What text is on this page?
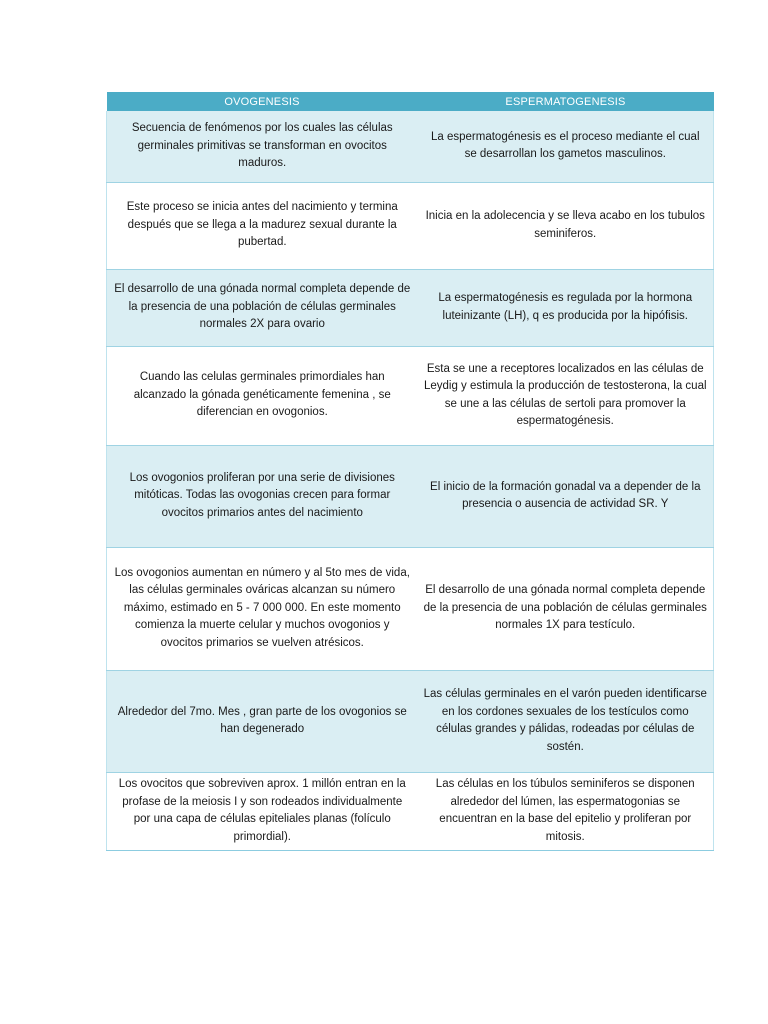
OVOGENESIS	ESPERMATOGENESIS
Secuencia de fenómenos por los cuales las células germinales primitivas se transforman en ovocitos maduros.	La espermatogénesis es el proceso mediante el cual se desarrollan los gametos masculinos.
Este proceso se inicia antes del nacimiento y termina después que se llega a la madurez sexual durante la pubertad.	Inicia en la adolecencia y se lleva acabo en los tubulos seminiferos.
El desarrollo de una gónada normal completa depende de la presencia de una población de células germinales normales 2X para ovario	La espermatogénesis es regulada por la hormona luteinizante (LH), q es producida por la hipófisis.
Cuando las celulas germinales primordiales han alcanzado la gónada genéticamente femenina , se diferencian en ovogonios.	Esta se une a receptores localizados en las células de Leydig y estimula la producción de testosterona, la cual se une a las células de sertoli para promover la espermatogénesis.
Los ovogonios proliferan por una serie de divisiones mitóticas. Todas las ovogonias crecen para formar ovocitos primarios antes del nacimiento	El inicio de la formación gonadal va a depender de la presencia o ausencia de actividad SR. Y
Los ovogonios aumentan en número y al 5to mes de vida, las células germinales ováricas alcanzan su número máximo, estimado en 5 - 7 000 000. En este momento comienza la muerte celular y muchos ovogonios y ovocitos primarios se vuelven atrésicos.	El desarrollo de una gónada normal completa depende de la presencia de una población de células germinales normales 1X para testículo.
Alrededor del 7mo. Mes , gran parte de los ovogonios se han degenerado	Las células germinales en el varón pueden identificarse en los cordones sexuales de los testículos como células grandes y pálidas, rodeadas por células de sostén.
Los ovocitos que sobreviven aprox. 1 millón entran en la profase de la meiosis I y son rodeados individualmente por una capa de células epiteliales planas (folículo primordial).	Las células en los túbulos seminiferos se disponen alrededor del lúmen, las espermatogonias se encuentran en la base del epitelio y proliferan por mitosis.
